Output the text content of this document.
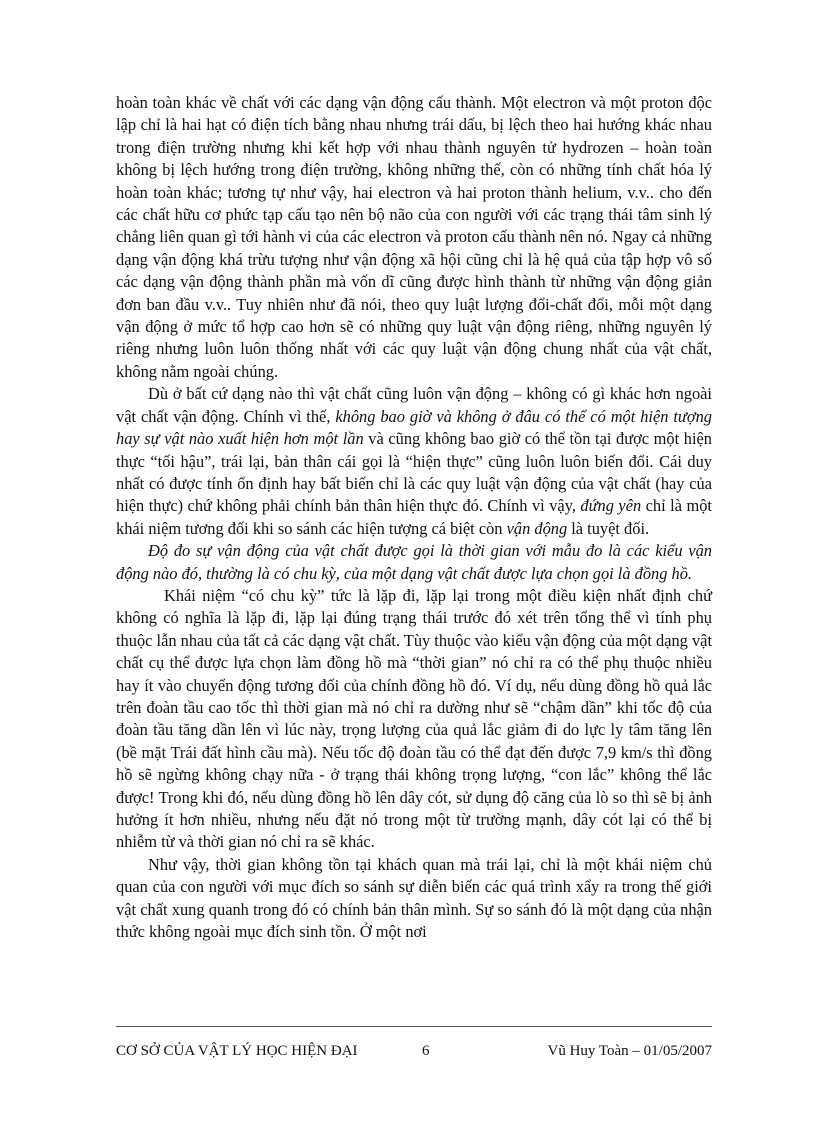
hoàn toàn khác về chất với các dạng vận động cấu thành. Một electron và một proton độc lập chỉ là hai hạt có điện tích bằng nhau nhưng trái dấu, bị lệch theo hai hướng khác nhau trong điện trường nhưng khi kết hợp với nhau thành nguyên tử hydrozen – hoàn toàn không bị lệch hướng trong điện trường, không những thế, còn có những tính chất hóa lý hoàn toàn khác; tương tự như vậy, hai electron và hai proton thành helium, v.v.. cho đến các chất hữu cơ phức tạp cấu tạo nên bộ não của con người với các trạng thái tâm sinh lý chẳng liên quan gì tới hành vi của các electron và proton cấu thành nên nó. Ngay cả những dạng vận động khá trừu tượng như vận động xã hội cũng chỉ là hệ quả của tập hợp vô số các dạng vận động thành phần mà vốn dĩ cũng được hình thành từ những vận động giản đơn ban đầu v.v.. Tuy nhiên như đã nói, theo quy luật lượng đổi-chất đổi, mỗi một dạng vận động ở mức tổ hợp cao hơn sẽ có những quy luật vận động riêng, những nguyên lý riêng nhưng luôn luôn thống nhất với các quy luật vận động chung nhất của vật chất, không nằm ngoài chúng.

Dù ở bất cứ dạng nào thì vật chất cũng luôn vận động – không có gì khác hơn ngoài vật chất vận động. Chính vì thế, không bao giờ và không ở đâu có thể có một hiện tượng hay sự vật nào xuất hiện hơn một lần và cũng không bao giờ có thể tồn tại được một hiện thực “tối hậu”, trái lại, bản thân cái gọi là “hiện thực” cũng luôn luôn biến đổi. Cái duy nhất có được tính ổn định hay bất biến chỉ là các quy luật vận động của vật chất (hay của hiện thực) chứ không phải chính bản thân hiện thực đó. Chính vì vậy, đứng yên chỉ là một khái niệm tương đối khi so sánh các hiện tượng cá biệt còn vận động là tuyệt đối.

Độ đo sự vận động của vật chất được gọi là thời gian với mẫu đo là các kiểu vận động nào đó, thường là có chu kỳ, của một dạng vật chất được lựa chọn gọi là đồng hồ.

Khái niệm “có chu kỳ” tức là lặp đi, lặp lại trong một điều kiện nhất định chứ không có nghĩa là lặp đi, lặp lại đúng trạng thái trước đó xét trên tổng thể vì tính phụ thuộc lẫn nhau của tất cả các dạng vật chất. Tùy thuộc vào kiểu vận động của một dạng vật chất cụ thể được lựa chọn làm đồng hồ mà “thời gian” nó chỉ ra có thể phụ thuộc nhiều hay ít vào chuyển động tương đối của chính đồng hồ đó. Ví dụ, nếu dùng đồng hồ quả lắc trên đoàn tầu cao tốc thì thời gian mà nó chỉ ra dường như sẽ “chậm dần” khi tốc độ của đoàn tầu tăng dần lên vì lúc này, trọng lượng của quả lắc giảm đi do lực ly tâm tăng lên (bề mặt Trái đất hình cầu mà). Nếu tốc độ đoàn tầu có thể đạt đến được 7,9 km/s thì đồng hồ sẽ ngừng không chạy nữa - ở trạng thái không trọng lượng, “con lắc” không thể lắc được! Trong khi đó, nếu dùng đồng hồ lên dây cót, sử dụng độ căng của lò so thì sẽ bị ảnh hưởng ít hơn nhiều, nhưng nếu đặt nó trong một từ trường mạnh, dây cót lại có thể bị nhiễm từ và thời gian nó chỉ ra sẽ khác.

Như vậy, thời gian không tồn tại khách quan mà trái lại, chỉ là một khái niệm chủ quan của con người với mục đích so sánh sự diễn biến các quá trình xẩy ra trong thế giới vật chất xung quanh trong đó có chính bản thân mình. Sự so sánh đó là một dạng của nhận thức không ngoài mục đích sinh tồn. Ở một nơi

CƠ SỞ CỦA VẬT LÝ HỌC HIỆN ĐẠI	6	Vũ Huy Toàn – 01/05/2007
